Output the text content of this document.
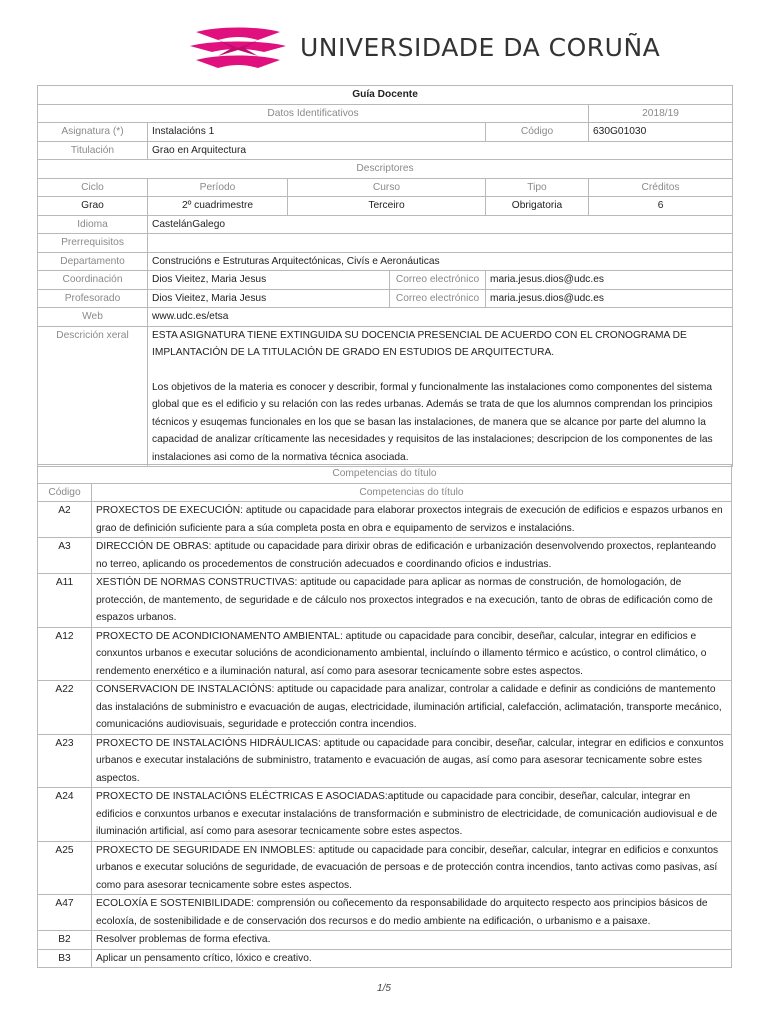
UNIVERSIDADE DA CORUÑA
Guía Docente					
Datos Identificativos					2018/19
Asignatura (*)	Instalacións 1			Código	630G01030
Titulación	Grao en Arquitectura				
Descriptores					
Ciclo	Período	Curso		Tipo	Créditos
Grao	2º cuadrimestre	Terceiro		Obrigatoria	6
Idioma	CastelánGalego				
Prerrequisitos					
Departamento	Construcións e Estruturas Arquitectónicas, Civís e Aeronáuticas				
Coordinación	Dios Vieitez, Maria Jesus		Correo electrónico	maria.jesus.dios@udc.es	
Profesorado	Dios Vieitez, Maria Jesus		Correo electrónico	maria.jesus.dios@udc.es	
Web	www.udc.es/etsa				
Descrición xeral	ESTA ASIGNATURA TIENE EXTINGUIDA SU DOCENCIA PRESENCIAL DE ACUERDO CON EL CRONOGRAMA DE IMPLANTACIÓN DE LA TITULACIÓN DE GRADO EN ESTUDIOS DE ARQUITECTURA.

Los objetivos de la materia es conocer y describir, formal y funcionalmente las instalaciones como componentes del sistema global que es el edificio y su relación con las redes urbanas. Además se trata de que los alumnos comprendan los principios técnicos y esuqemas funcionales en los que se basan las instalaciones, de manera que se alcance por parte del alumno la capacidad de analizar críticamente las necesidades y requisitos de las instalaciones; descripcion de los componentes de las instalaciones asi como de la normativa técnica asociada.				

Competencias do título	
Código	Competencias do título
A2	PROXECTOS DE EXECUCIÓN: aptitude ou capacidade para elaborar proxectos integrais de execución de edificios e espazos urbanos en grao de definición suficiente para a súa completa posta en obra e equipamento de servizos e instalacións.
A3	DIRECCIÓN DE OBRAS: aptitude ou capacidade para dirixir obras de edificación e urbanización desenvolvendo proxectos, replanteando no terreo, aplicando os procedementos de construción adecuados e coordinando oficios e industrias.
A11	XESTIÓN DE NORMAS CONSTRUCTIVAS: aptitude ou capacidade para aplicar as normas de construción, de homologación, de protección, de mantemento, de seguridade e de cálculo nos proxectos integrados e na execución, tanto de obras de edificación como de espazos urbanos.
A12	PROXECTO DE ACONDICIONAMENTO AMBIENTAL: aptitude ou capacidade para concibir, deseñar, calcular, integrar en edificios e conxuntos urbanos e executar solucións de acondicionamento ambiental, incluíndo o illamento térmico e acústico, o control climático, o rendemento enerxético e a iluminación natural, así como para asesorar tecnicamente sobre estes aspectos.
A22	CONSERVACION DE INSTALACIÓNS: aptitude ou capacidade para analizar, controlar a calidade e definir as condicións de mantemento das instalacións de subministro e evacuación de augas, electricidade, iluminación artificial, calefacción, aclimatación, transporte mecánico, comunicacións audiovisuais, seguridade e protección contra incendios.
A23	PROXECTO DE INSTALACIÓNS HIDRÁULICAS: aptitude ou capacidade para concibir, deseñar, calcular, integrar en edificios e conxuntos urbanos e executar instalacións de subministro, tratamento e evacuación de augas, así como para asesorar tecnicamente sobre estes aspectos.
A24	PROXECTO DE INSTALACIÓNS ELÉCTRICAS E ASOCIADAS:aptitude ou capacidade para concibir, deseñar, calcular, integrar en edificios e conxuntos urbanos e executar instalacións de transformación e subministro de electricidade, de comunicación audiovisual e de iluminación artificial, así como para asesorar tecnicamente sobre estes aspectos.
A25	PROXECTO DE SEGURIDADE EN INMOBLES: aptitude ou capacidade para concibir, deseñar, calcular, integrar en edificios e conxuntos urbanos e executar solucións de seguridade, de evacuación de persoas e de protección contra incendios, tanto activas como pasivas, así como para asesorar tecnicamente sobre estes aspectos.
A47	ECOLOXÍA E SOSTENIBILIDADE: comprensión ou coñecemento da responsabilidade do arquitecto respecto aos principios básicos de ecoloxía, de sostenibilidade e de conservación dos recursos e do medio ambiente na edificación, o urbanismo e a paisaxe.
B2	Resolver problemas de forma efectiva.
B3	Aplicar un pensamento crítico, lóxico e creativo.
1/5
